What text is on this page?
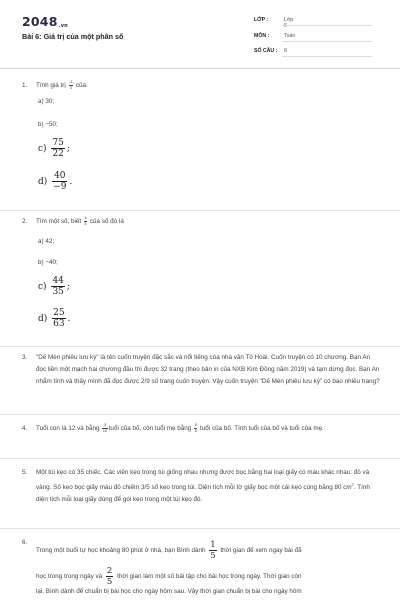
2048.vn
Bài 6: Giá trị của một phân số
LỚP :	Lớp 6
MÔN :	Toán
SỐ CÂU :	8
1. Tính giá trị $\frac{-1}{3}$ của:
a) 30;
b) −50;
$c) \frac{75}{22}$ ;
$d) \frac{40}{-9}$ .
2. Tìm một số, biết $\frac{4}{5}$ của số đó là
a) 42;
b) −40;
$c) \frac{44}{35}$ ;
$d) \frac{25}{63}$ .
3. "Dế Mèn phiêu lưu ký" là tên cuốn truyện đặc sắc và nổi tiếng của nhà văn Tô Hoài. Cuốn truyện có 10 chương. Bạn An đọc liền một mạch hai chương đầu thì được 32 trang (theo bản in của NXB Kim Đồng năm 2019) và tạm dừng đọc. Bạn An nhẩm tính và thấy mình đã đọc được 2/9 số trang cuốn truyện. Vậy cuốn truyện "Dế Mèn phiêu lưu ký" có bao nhiêu trang?
4. Tuổi con là 12 và bằng $\frac{3}{10}$ tuổi của bố, còn tuổi mẹ bằng $\frac{5}{6}$ tuổi của bố. Tính tuổi của bố và tuổi của mẹ.
5. Một túi kẹo có 35 chiếc. Các viên kẹo trong túi giống nhau nhưng được bọc bằng hai loại giấy có màu khác nhau: đỏ và vàng. Số kẹo bọc giấy màu đỏ chiếm 3/5 số kẹo trong túi. Diện tích mỗi tờ giấy bọc một cái kẹo cùng bằng 80 $cm^2$. Tính diện tích mỗi loại giấy dùng để gói kẹo trong một túi kẹo đó.
6.
Trong một buổi tự học khoảng 80 phút ở nhà, bạn Bình dành $\frac{1}{5}$ thời gian để xem ngay bài đã
học trong trong ngày và $\frac{2}{5}$ thời gian làm một số bài tập cho bài học trong ngày. Thời gian còn
lại, Bình dành để chuẩn bị bài học cho ngày hôm sau. Vậy thời gian chuẩn bị bài cho ngày hôm
